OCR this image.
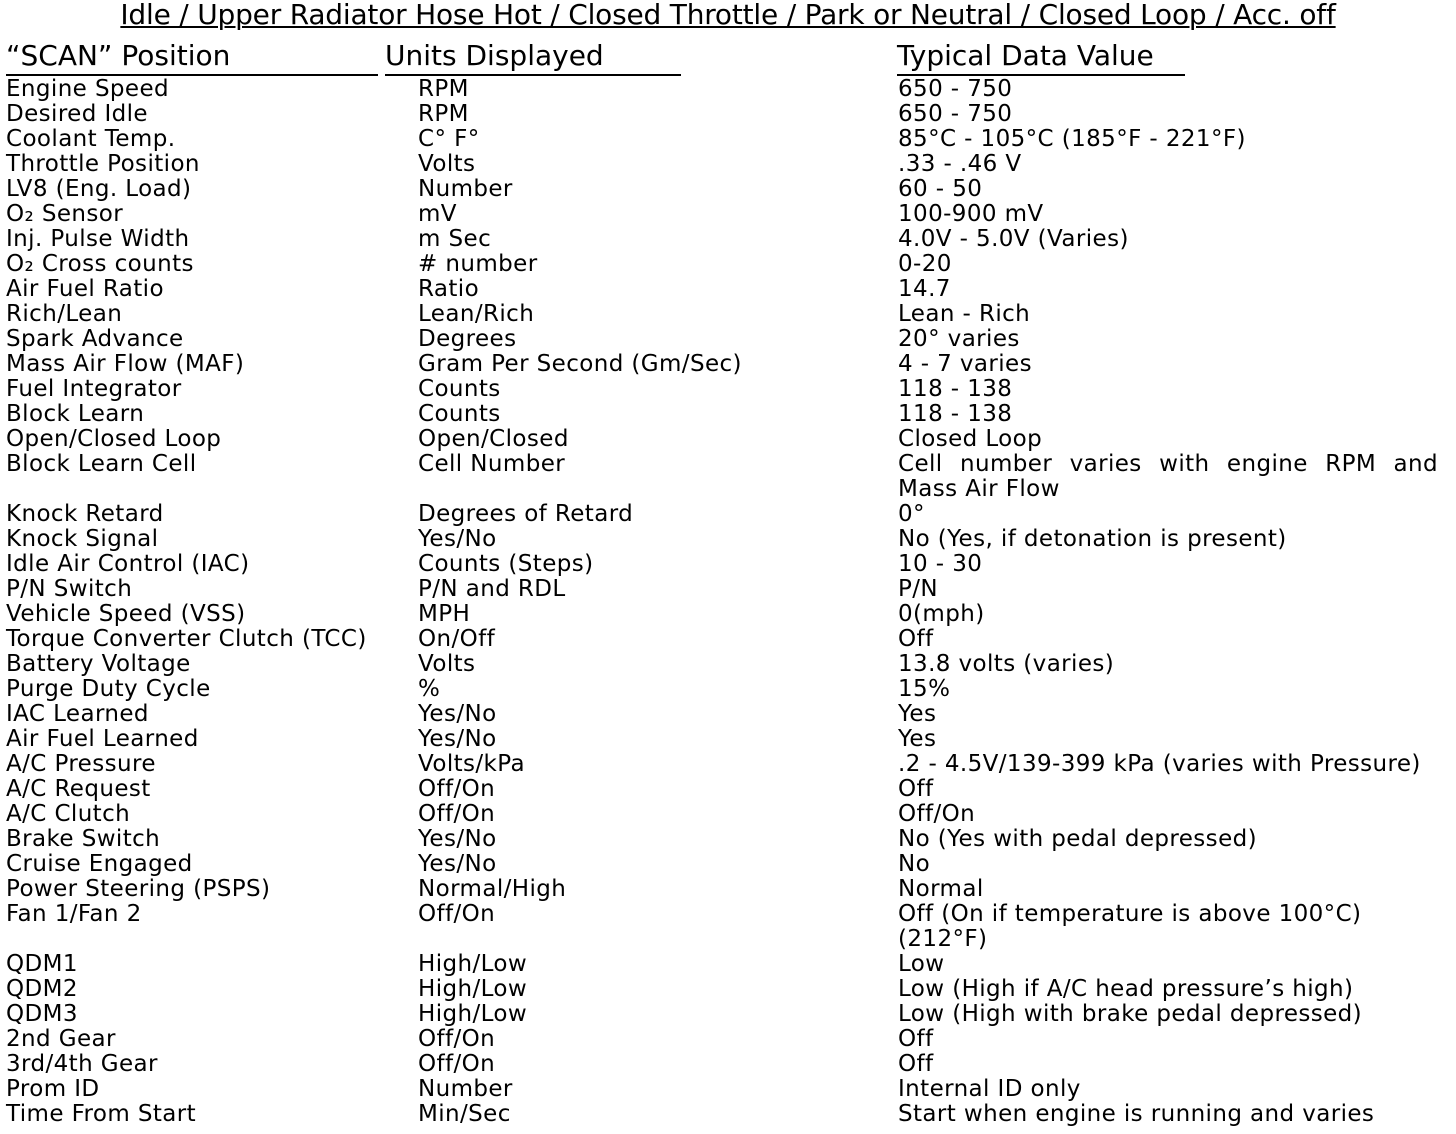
Idle / Upper Radiator Hose Hot / Closed Throttle / Park or Neutral / Closed Loop / Acc. off
“SCAN” Position	Units Displayed	Typical Data Value
Engine Speed	RPM	650 - 750
Desired Idle	RPM	650 - 750
Coolant Temp.	C° F°	85°C - 105°C (185°F - 221°F)
Throttle Position	Volts	.33 - .46 V
LV8 (Eng. Load)	Number	60 - 50
O₂ Sensor	mV	100-900 mV
Inj. Pulse Width	m Sec	4.0V - 5.0V (Varies)
O₂ Cross counts	# number	0-20
Air Fuel Ratio	Ratio	14.7
Rich/Lean	Lean/Rich	Lean - Rich
Spark Advance	Degrees	20° varies
Mass Air Flow (MAF)	Gram Per Second (Gm/Sec)	4 - 7 varies
Fuel Integrator	Counts	118 - 138
Block Learn	Counts	118 - 138
Open/Closed Loop	Open/Closed	Closed Loop
Block Learn Cell	Cell Number	Cell number varies with engine RPM and Mass Air Flow
Knock Retard	Degrees of Retard	0°
Knock Signal	Yes/No	No (Yes, if detonation is present)
Idle Air Control (IAC)	Counts (Steps)	10 - 30
P/N Switch	P/N and RDL	P/N
Vehicle Speed (VSS)	MPH	0(mph)
Torque Converter Clutch (TCC)	On/Off	Off
Battery Voltage	Volts	13.8 volts (varies)
Purge Duty Cycle	%	15%
IAC Learned	Yes/No	Yes
Air Fuel Learned	Yes/No	Yes
A/C Pressure	Volts/kPa	.2 - 4.5V/139-399 kPa (varies with Pressure)
A/C Request	Off/On	Off
A/C Clutch	Off/On	Off/On
Brake Switch	Yes/No	No (Yes with pedal depressed)
Cruise Engaged	Yes/No	No
Power Steering (PSPS)	Normal/High	Normal
Fan 1/Fan 2	Off/On	Off (On if temperature is above 100°C) (212°F)
QDM1	High/Low	Low
QDM2	High/Low	Low (High if A/C head pressure’s high)
QDM3	High/Low	Low (High with brake pedal depressed)
2nd Gear	Off/On	Off
3rd/4th Gear	Off/On	Off
Prom ID	Number	Internal ID only
Time From Start	Min/Sec	Start when engine is running and varies
